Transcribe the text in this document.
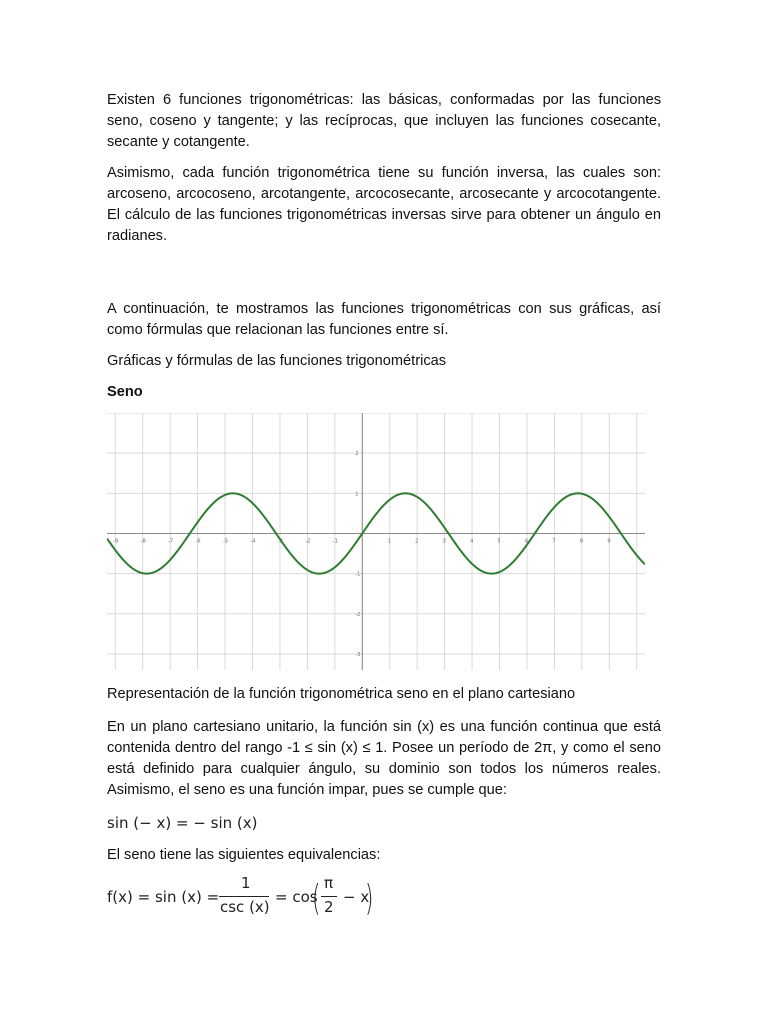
Existen 6 funciones trigonométricas: las básicas, conformadas por las funciones seno, coseno y tangente; y las recíprocas, que incluyen las funciones cosecante, secante y cotangente.

Asimismo, cada función trigonométrica tiene su función inversa, las cuales son: arcoseno, arcocoseno, arcotangente, arcocosecante, arcosecante y arcocotangente. El cálculo de las funciones trigonométricas inversas sirve para obtener un ángulo en radianes.

A continuación, te mostramos las funciones trigonométricas con sus gráficas, así como fórmulas que relacionan las funciones entre sí.

Gráficas y fórmulas de las funciones trigonométricas

Seno

-9	-8	-7	-6	-5	-4	-3	-2	-1	1	2	3	4	5	6	7	8	9
-3
-2
-1
1
2

Representación de la función trigonométrica seno en el plano cartesiano

En un plano cartesiano unitario, la función sin (x) es una función continua que está contenida dentro del rango -1 ≤ sin (x) ≤ 1. Posee un período de 2π, y como el seno está definido para cualquier ángulo, su dominio son todos los números reales. Asimismo, el seno es una función impar, pues se cumple que:

sin (− x) = − sin (x)

El seno tiene las siguientes equivalencias:

f(x) = sin (x) =
1
csc (x)
= cos
( π
2
− x
)
